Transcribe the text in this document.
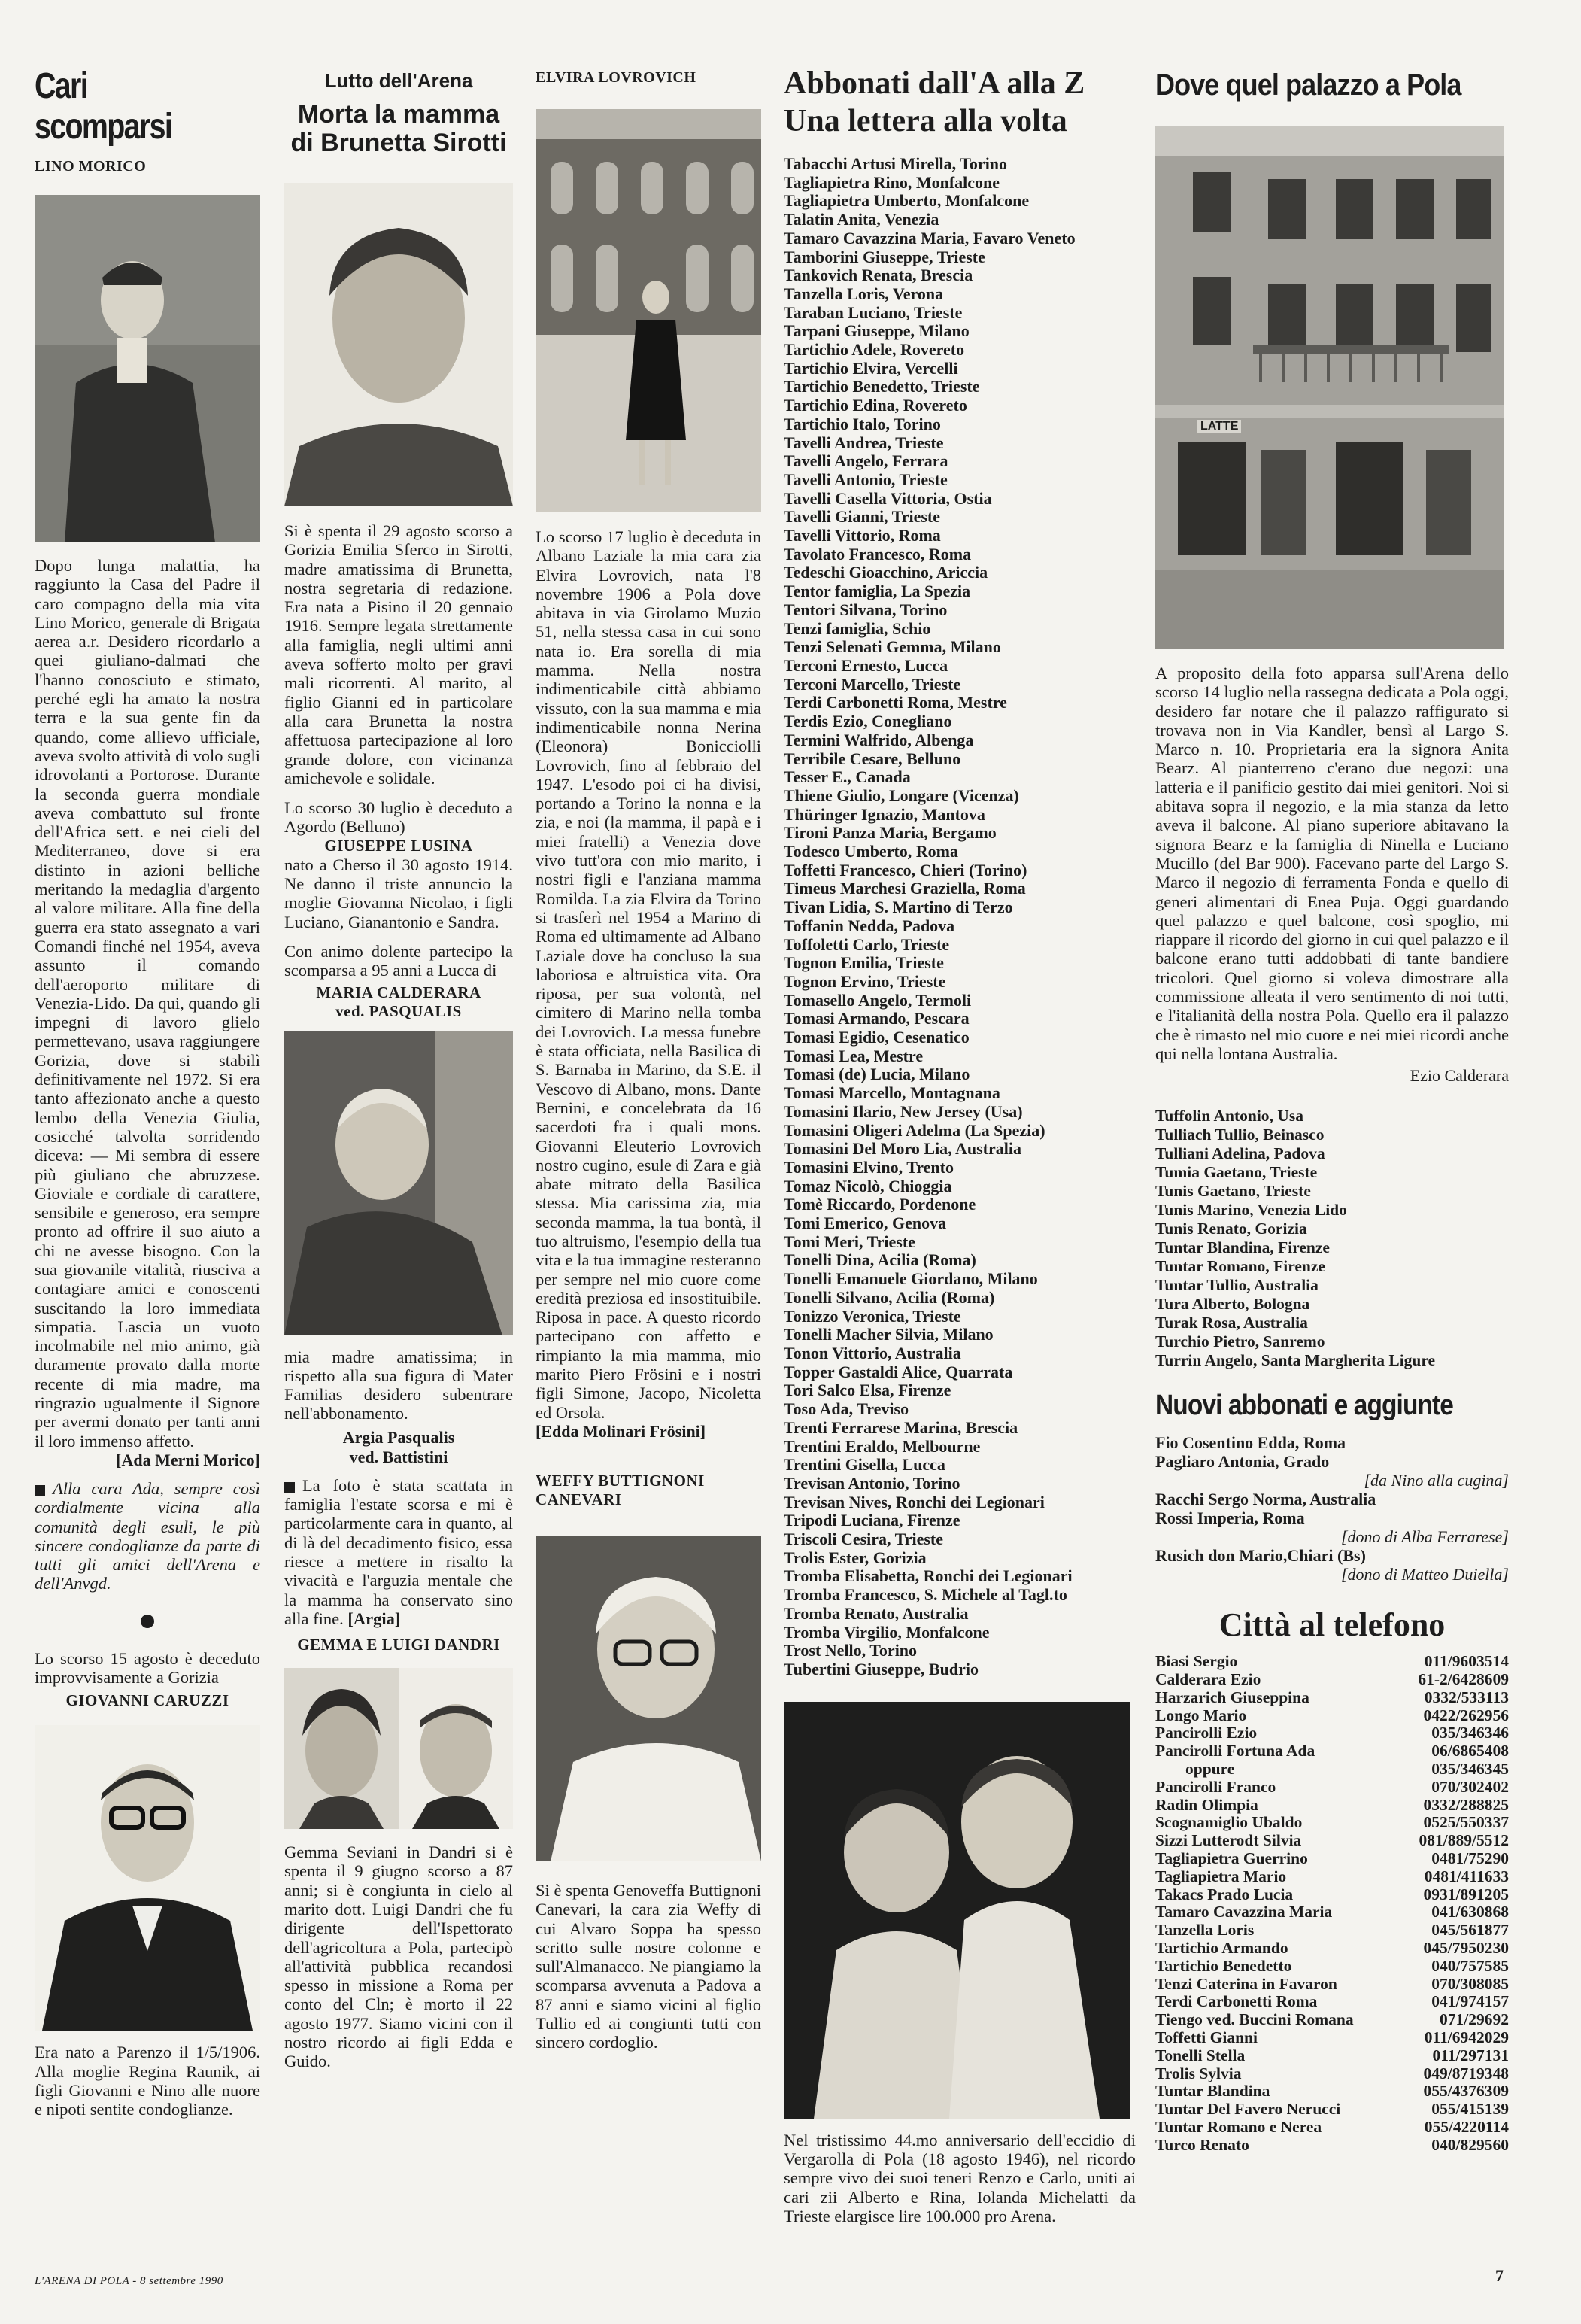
Cari scomparsi
LINO MORICO

Dopo lunga malattia, ha raggiunto la Casa del Padre il caro compagno della mia vita Lino Morico, generale di Brigata aerea a.r. Desidero ricordarlo a quei giuliano-dalmati che l'hanno conosciuto e stimato, perché egli ha amato la nostra terra e la sua gente fin da quando, come allievo ufficiale, aveva svolto attività di volo sugli idrovolanti a Portorose. Durante la seconda guerra mondiale aveva combattuto sul fronte dell'Africa sett. e nei cieli del Mediterraneo, dove si era distinto in azioni belliche meritando la medaglia d'argento al valore militare. Alla fine della guerra era stato assegnato a vari Comandi finché nel 1954, aveva assunto il comando dell'aeroporto militare di Venezia-Lido. Da qui, quando gli impegni di lavoro glielo permettevano, usava raggiungere Gorizia, dove si stabilì definitivamente nel 1972. Si era tanto affezionato anche a questo lembo della Venezia Giulia, cosicché talvolta sorridendo diceva: — Mi sembra di essere più giuliano che abruzzese. Gioviale e cordiale di carattere, sensibile e generoso, era sempre pronto ad offrire il suo aiuto a chi ne avesse bisogno. Con la sua giovanile vitalità, riusciva a contagiare amici e conoscenti suscitando la loro immediata simpatia. Lascia un vuoto incolmabile nel mio animo, già duramente provato dalla morte recente di mia madre, ma ringrazio ugualmente il Signore per avermi donato per tanti anni il loro immenso affetto.

[Ada Merni Morico]

Alla cara Ada, sempre così cordialmente vicina alla comunità degli esuli, le più sincere condoglianze da parte di tutti gli amici dell'Arena e dell'Anvgd.

Lo scorso 15 agosto è deceduto improvvisamente a Gorizia

GIOVANNI CARUZZI

Era nato a Parenzo il 1/5/1906. Alla moglie Regina Raunik, ai figli Giovanni e Nino alle nuore e nipoti sentite condoglianze.

Lutto dell'Arena
Morta la mamma
di Brunetta Sirotti

Si è spenta il 29 agosto scorso a Gorizia Emilia Sferco in Sirotti, madre amatissima di Brunetta, nostra segretaria di redazione. Era nata a Pisino il 20 gennaio 1916. Sempre legata strettamente alla famiglia, negli ultimi anni aveva sofferto molto per gravi mali ricorrenti. Al marito, al figlio Gianni ed in particolare alla cara Brunetta la nostra affettuosa partecipazione al loro grande dolore, con vicinanza amichevole e solidale.

Lo scorso 30 luglio è deceduto a Agordo (Belluno)

GIUSEPPE LUSINA

nato a Cherso il 30 agosto 1914. Ne danno il triste annuncio la moglie Giovanna Nicolao, i figli Luciano, Gianantonio e Sandra.

Con animo dolente partecipo la scomparsa a 95 anni a Lucca di

MARIA CALDERARA
ved. PASQUALIS

mia madre amatissima; in rispetto alla sua figura di Mater Familias desidero subentrare nell'abbonamento.

Argia Pasqualis
ved. Battistini

La foto è stata scattata in famiglia l'estate scorsa e mi è particolarmente cara in quanto, al di là del decadimento fisico, essa riesce a mettere in risalto la vivacità e l'arguzia mentale che la mamma ha conservato sino alla fine. [Argia]

GEMMA E LUIGI DANDRI

Gemma Seviani in Dandri si è spenta il 9 giugno scorso a 87 anni; si è congiunta in cielo al marito dott. Luigi Dandri che fu dirigente dell'Ispettorato dell'agricoltura a Pola, partecipò all'attività pubblica recandosi spesso in missione a Roma per conto del Cln; è morto il 22 agosto 1977. Siamo vicini con il nostro ricordo ai figli Edda e Guido.

ELVIRA LOVROVICH

Lo scorso 17 luglio è deceduta in Albano Laziale la mia cara zia Elvira Lovrovich, nata l'8 novembre 1906 a Pola dove abitava in via Girolamo Muzio 51, nella stessa casa in cui sono nata io. Era sorella di mia mamma. Nella nostra indimenticabile città abbiamo vissuto, con la sua mamma e mia indimenticabile nonna Nerina (Eleonora) Bonicciolli Lovrovich, fino al febbraio del 1947. L'esodo poi ci ha divisi, portando a Torino la nonna e la zia, e noi (la mamma, il papà e i miei fratelli) a Venezia dove vivo tutt'ora con mio marito, i nostri figli e l'anziana mamma Romilda. La zia Elvira da Torino si trasferì nel 1954 a Marino di Roma ed ultimamente ad Albano Laziale dove ha concluso la sua laboriosa e altruistica vita. Ora riposa, per sua volontà, nel cimitero di Marino nella tomba dei Lovrovich. La messa funebre è stata officiata, nella Basilica di S. Barnaba in Marino, da S.E. il Vescovo di Albano, mons. Dante Bernini, e concelebrata da 16 sacerdoti fra i quali mons. Giovanni Eleuterio Lovrovich nostro cugino, esule di Zara e già abate mitrato della Basilica stessa. Mia carissima zia, mia seconda mamma, la tua bontà, il tuo altruismo, l'esempio della tua vita e la tua immagine resteranno per sempre nel mio cuore come eredità preziosa ed insostituibile. Riposa in pace. A questo ricordo partecipano con affetto e rimpianto la mia mamma, mio marito Piero Frösini e i nostri figli Simone, Jacopo, Nicoletta ed Orsola.

[Edda Molinari Frösini]
WEFFY BUTTIGNONI
CANEVARI

Si è spenta Genoveffa Buttignoni Canevari, la cara zia Weffy di cui Alvaro Soppa ha spesso scritto sulle nostre colonne e sull'Almanacco. Ne piangiamo la scomparsa avvenuta a Padova a 87 anni e siamo vicini al figlio Tullio ed ai congiunti tutti con sincero cordoglio.

Abbonati dall'A alla Z
Una lettera alla volta
Tabacchi Artusi Mirella, Torino
Tagliapietra Rino, Monfalcone
Tagliapietra Umberto, Monfalcone
Talatin Anita, Venezia
Tamaro Cavazzina Maria, Favaro Veneto
Tamborini Giuseppe, Trieste
Tankovich Renata, Brescia
Tanzella Loris, Verona
Taraban Luciano, Trieste
Tarpani Giuseppe, Milano
Tartichio Adele, Rovereto
Tartichio Elvira, Vercelli
Tartichio Benedetto, Trieste
Tartichio Edina, Rovereto
Tartichio Italo, Torino
Tavelli Andrea, Trieste
Tavelli Angelo, Ferrara
Tavelli Antonio, Trieste
Tavelli Casella Vittoria, Ostia
Tavelli Gianni, Trieste
Tavelli Vittorio, Roma
Tavolato Francesco, Roma
Tedeschi Gioacchino, Ariccia
Tentor famiglia, La Spezia
Tentori Silvana, Torino
Tenzi famiglia, Schio
Tenzi Selenati Gemma, Milano
Terconi Ernesto, Lucca
Terconi Marcello, Trieste
Terdi Carbonetti Roma, Mestre
Terdis Ezio, Conegliano
Termini Walfrido, Albenga
Terribile Cesare, Belluno
Tesser E., Canada
Thiene Giulio, Longare (Vicenza)
Thüringer Ignazio, Mantova
Tironi Panza Maria, Bergamo
Todesco Umberto, Roma
Toffetti Francesco, Chieri (Torino)
Timeus Marchesi Graziella, Roma
Tivan Lidia, S. Martino di Terzo
Toffanin Nedda, Padova
Toffoletti Carlo, Trieste
Tognon Emilia, Trieste
Tognon Ervino, Trieste
Tomasello Angelo, Termoli
Tomasi Armando, Pescara
Tomasi Egidio, Cesenatico
Tomasi Lea, Mestre
Tomasi (de) Lucia, Milano
Tomasi Marcello, Montagnana
Tomasini Ilario, New Jersey (Usa)
Tomasini Oligeri Adelma (La Spezia)
Tomasini Del Moro Lia, Australia
Tomasini Elvino, Trento
Tomaz Nicolò, Chioggia
Tomè Riccardo, Pordenone
Tomi Emerico, Genova
Tomi Meri, Trieste
Tonelli Dina, Acilia (Roma)
Tonelli Emanuele Giordano, Milano
Tonelli Silvano, Acilia (Roma)
Tonizzo Veronica, Trieste
Tonelli Macher Silvia, Milano
Tonon Vittorio, Australia
Topper Gastaldi Alice, Quarrata
Tori Salco Elsa, Firenze
Toso Ada, Treviso
Trenti Ferrarese Marina, Brescia
Trentini Eraldo, Melbourne
Trentini Gisella, Lucca
Trevisan Antonio, Torino
Trevisan Nives, Ronchi dei Legionari
Tripodi Luciana, Firenze
Triscoli Cesira, Trieste
Trolis Ester, Gorizia
Tromba Elisabetta, Ronchi dei Legionari
Tromba Francesco, S. Michele al Tagl.to
Tromba Renato, Australia
Tromba Virgilio, Monfalcone
Trost Nello, Torino
Tubertini Giuseppe, Budrio

Nel tristissimo 44.mo anniversario dell'eccidio di Vergarolla di Pola (18 agosto 1946), nel ricordo sempre vivo dei suoi teneri Renzo e Carlo, uniti ai cari zii Alberto e Rina, Iolanda Michelatti da Trieste elargisce lire 100.000 pro Arena.

Dove quel palazzo a Pola
LATTE

A proposito della foto apparsa sull'Arena dello scorso 14 luglio nella rassegna dedicata a Pola oggi, desidero far notare che il palazzo raffigurato si trovava non in Via Kandler, bensì al Largo S. Marco n. 10. Proprietaria era la signora Anita Bearz. Al pianterreno c'erano due negozi: una latteria e il panificio gestito dai miei genitori. Noi si abitava sopra il negozio, e la mia stanza da letto aveva il balcone. Al piano superiore abitavano la signora Bearz e la famiglia di Ninella e Luciano Mucillo (del Bar 900). Facevano parte del Largo S. Marco il negozio di ferramenta Fonda e quello di generi alimentari di Enea Puja. Oggi guardando quel palazzo e quel balcone, così spoglio, mi riappare il ricordo del giorno in cui quel palazzo e il balcone erano tutti addobbati di tante bandiere tricolori. Quel giorno si voleva dimostrare alla commissione alleata il vero sentimento di noi tutti, e l'italianità della nostra Pola. Quello era il palazzo che è rimasto nel mio cuore e nei miei ricordi anche qui nella lontana Australia.

Ezio Calderara
Tuffolin Antonio, Usa
Tulliach Tullio, Beinasco
Tulliani Adelina, Padova
Tumia Gaetano, Trieste
Tunis Gaetano, Trieste
Tunis Marino, Venezia Lido
Tunis Renato, Gorizia
Tuntar Blandina, Firenze
Tuntar Romano, Firenze
Tuntar Tullio, Australia
Tura Alberto, Bologna
Turak Rosa, Australia
Turchio Pietro, Sanremo
Turrin Angelo, Santa Margherita Ligure
Nuovi abbonati e aggiunte
Fio Cosentino Edda, Roma
Pagliaro Antonia, Grado
[da Nino alla cugina]
Racchi Sergo Norma, Australia
Rossi Imperia, Roma
[dono di Alba Ferrarese]
Rusich don Mario,Chiari (Bs)
[dono di Matteo Duiella]
Città al telefono
Biasi Sergio	011/9603514
Calderara Ezio	61-2/6428609
Harzarich Giuseppina	0332/533113
Longo Mario	0422/262956
Pancirolli Ezio	035/346346
Pancirolli Fortuna Ada	06/6865408
oppure	035/346345
Pancirolli Franco	070/302402
Radin Olimpia	0332/288825
Scognamiglio Ubaldo	0525/550337
Sizzi Lutterodt Silvia	081/889/5512
Tagliapietra Guerrino	0481/75290
Tagliapietra Mario	0481/411633
Takacs Prado Lucia	0931/891205
Tamaro Cavazzina Maria	041/630868
Tanzella Loris	045/561877
Tartichio Armando	045/7950230
Tartichio Benedetto	040/757585
Tenzi Caterina in Favaron	070/308085
Terdi Carbonetti Roma	041/974157
Tiengo ved. Buccini Romana	071/29692
Toffetti Gianni	011/6942029
Tonelli Stella	011/297131
Trolis Sylvia	049/8719348
Tuntar Blandina	055/4376309
Tuntar Del Favero Nerucci	055/415139
Tuntar Romano e Nerea	055/4220114
Turco Renato	040/829560
L'ARENA DI POLA - 8 settembre 1990	7
